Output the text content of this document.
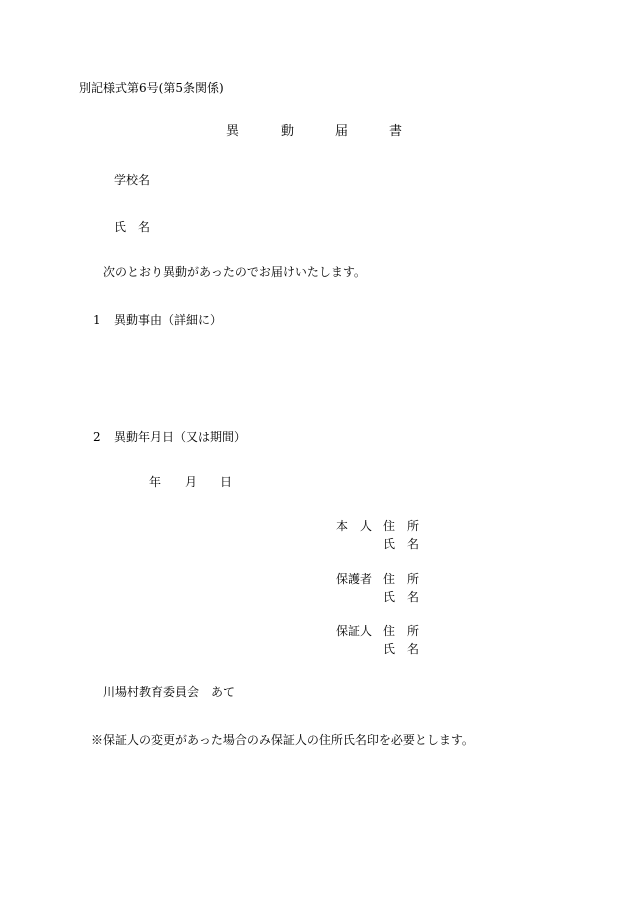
別記様式第6号(第5条関係)
異	動	届	書
学校名
氏　名
次のとおり異動があったのでお届けいたします。
1 異動事由（詳細に）
2 異動年月日（又は期間）
年 月 日
本　人 住　所
氏　名
保護者 住　所
氏　名
保証人 住　所
氏　名
川場村教育委員会　あて
※保証人の変更があった場合のみ保証人の住所氏名印を必要とします。
